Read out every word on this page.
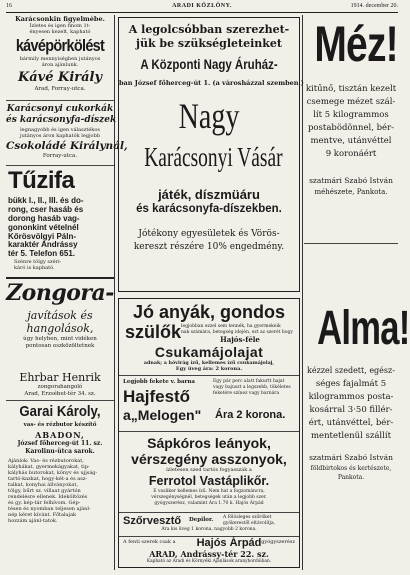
16	ARADI KÖZLÖNY.	1914. december 20.
Karácsonkin figyelmébe.
Ízletes és igen finom 1t-
ényesen kezelt, kapható
kávépörkölést
bármily mennyiségben jutányos
áron ajánlunk.
Kávé Király
Arad, Forray-utca.
Karácsonyi cukorkák
és karácsonyfa-díszek
legnagyobb és igen választékos
jutányos áron kaphatók legjobb
Csokoládé Királynál,
Forray-utca.
Tűzifa
bükk I., II., III. és do-
rong, cser hasáb és
dorong hasáb vag-
gononkint vételnél
Kőrösvölgyi Páln-
karaktér Andrássy
tér 5. Telefon 651.
Szénre tölgy széri-
káró is kapható.
Zongora-
javítások és
hangolások,
úgy helyben, mint vidéken
pontosan eszközöltetnek
Ehrbar Henrik
zongorahangoló
Arad, Erzsébet-tér 34. sz.
Garai Károly,
vas- és rézbutor készítő
ABADON,
József főherceg-út 11. sz.
Karolinu-ütca sarok.
Ajánlok: Vas- és rézbutorokat,
kályhákat, gyermekágyakat, tip-
kályhás butorokat, könyv és ujjság-
tartó-kazkat, hogy-két-a és asz-
talkat, konyhai állványokat,
tölgy, bűrt sz. villaat gyártón
rendelésre ellenek. Ideköltözés
és gy. kép-tár felhívom. Gép-
tésen és nyomban teljesen ajánl-
nép kéret kívánt. Főtalajak
hozzám ajánl-tatok.
A legolcsóbban szerezhet-
jük be szükségleteinket
A Központi Nagy Áruház-
ban József főherceg-út 1. (a városházzal szemben.)
Nagy
Karácsonyi Vásár
játék, díszmüáru
és karácsonyfa-díszekben.
Jótékony egyesületek és Vörös-
kereszt részére 10% engedmény.
Jó anyák, gondos
szülők legjobban ezzel sem tennék, ha gyermekeik
nak számára, betegség idején, ezt az szerét hogy
Hajós-féle
Csukamájolajat
adnak; a hóvirág ízű, kellemes ízű csukamájolaj,
Egy üveg ára: 2 korona.
Legjobb fekete v. barna
Hajfestő
a„Melogen"
Egy pár perc alatt fakurtt hajat
vagy bajuszt a legszebb, tökéletes
feketére színez vagy barnára
Ára 2 korona.
Sápkóros leányok,
vérszegény asszonyok,
ízletesen szed tartós fogyasszák a
Ferrotol Vastáplikőr.
E vasliker kellemes ízű. Nem hat a fogzománcra,
vérszegénységnél, betegségek után a legjobb szer.
gyógyszerész, valamint Ára 1.70 k. Hajós Árpád
Szőrvesztő	Depilor.	A fölösleges szőröket
gyökerestől eltávolítja,
Ára kis üveg 1 korona, nagyobb 2 korona.
A fenti szerek csak a	Hajós Árpád gyógyszerész
ARAD, Andrássy-tér 22. sz.
Kapható az Aradi és Környéki Ajánlások aranyhordóiban.
Méz!
kitűnő, tisztán kezelt
csemege mézet szál-
lít 5 kilogrammos
postabödönnel, bér-
mentve, utánvéttel
9 koronáért
szatmári Szabó István
méhészete, Pankota.
Alma!
kézzel szedett, egész-
séges fajalmát 5
kilogrammos posta-
kosárral 3·50 fillér-
ért, utánvéttel, bér-
mentetlenül szállít
szatmári Szabó István
földbirtokos és kertészete,
Pankota.
